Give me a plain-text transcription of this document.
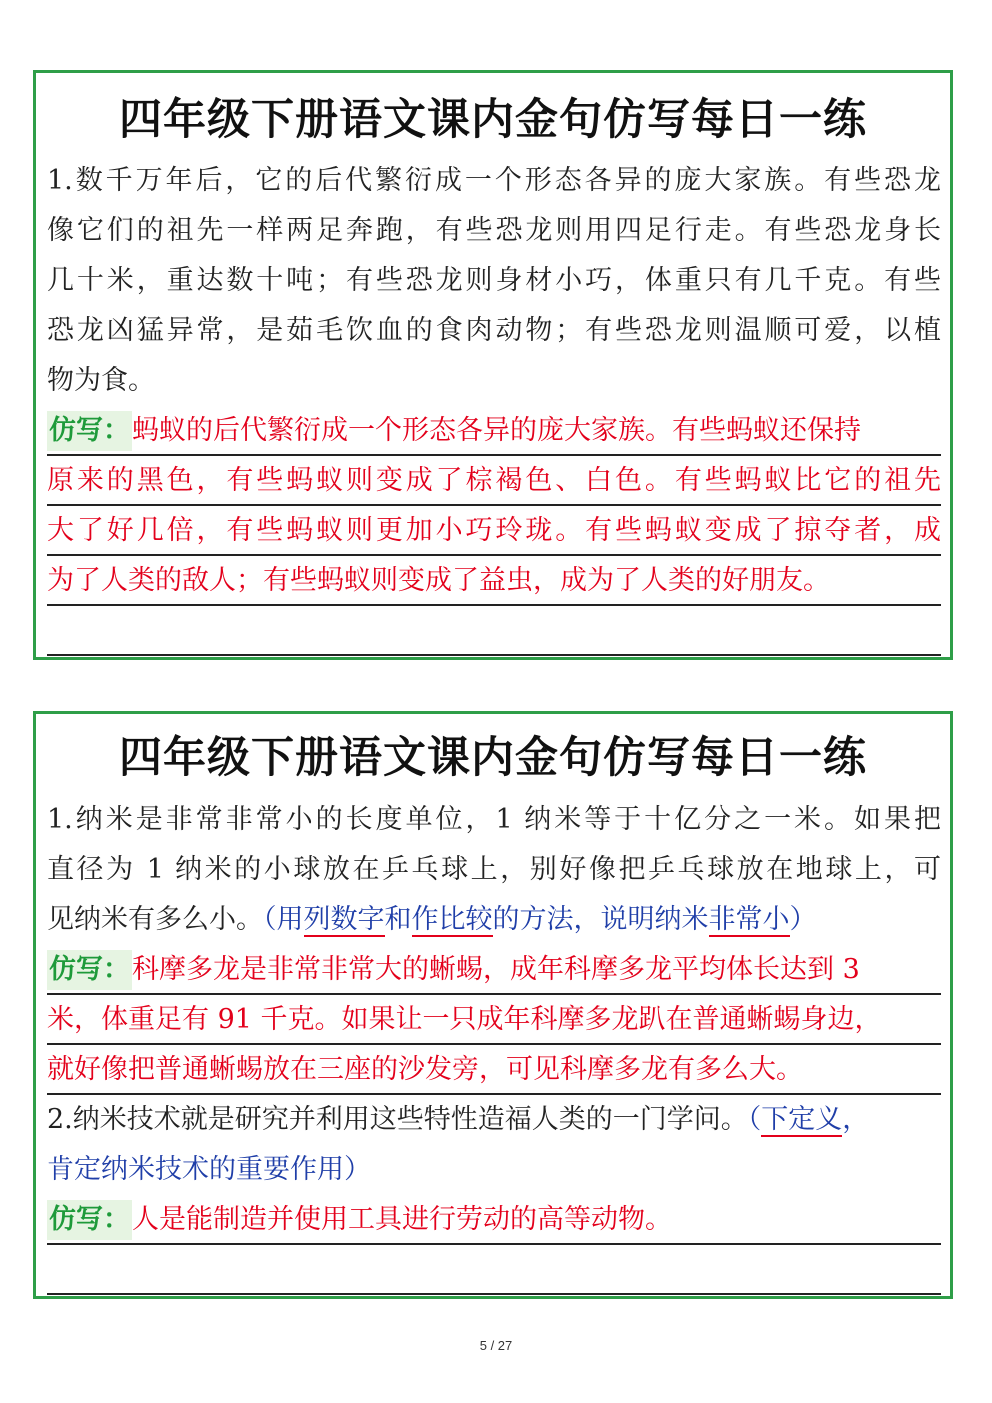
四年级下册语文课内金句仿写每日一练
1.数千万年后，它的后代繁衍成一个形态各异的庞大家族。有些恐龙
像它们的祖先一样两足奔跑，有些恐龙则用四足行走。有些恐龙身长
几十米，重达数十吨；有些恐龙则身材小巧，体重只有几千克。有些
恐龙凶猛异常，是茹毛饮血的食肉动物；有些恐龙则温顺可爱，以植
物为食。
仿写：蚂蚁的后代繁衍成一个形态各异的庞大家族。有些蚂蚁还保持
原来的黑色，有些蚂蚁则变成了棕褐色、白色。有些蚂蚁比它的祖先
大了好几倍，有些蚂蚁则更加小巧玲珑。有些蚂蚁变成了掠夺者，成
为了人类的敌人；有些蚂蚁则变成了益虫，成为了人类的好朋友。
四年级下册语文课内金句仿写每日一练
1.纳米是非常非常小的长度单位，1 纳米等于十亿分之一米。如果把
直径为 1 纳米的小球放在乒乓球上，别好像把乒乓球放在地球上，可
见纳米有多么小。（用列数字和作比较的方法，说明纳米非常小）
仿写：科摩多龙是非常非常大的蜥蜴，成年科摩多龙平均体长达到 3
米，体重足有 91 千克。如果让一只成年科摩多龙趴在普通蜥蜴身边，
就好像把普通蜥蜴放在三座的沙发旁，可见科摩多龙有多么大。
2.纳米技术就是研究并利用这些特性造福人类的一门学问。（下定义，
肯定纳米技术的重要作用）
仿写：人是能制造并使用工具进行劳动的高等动物。
5 / 27
